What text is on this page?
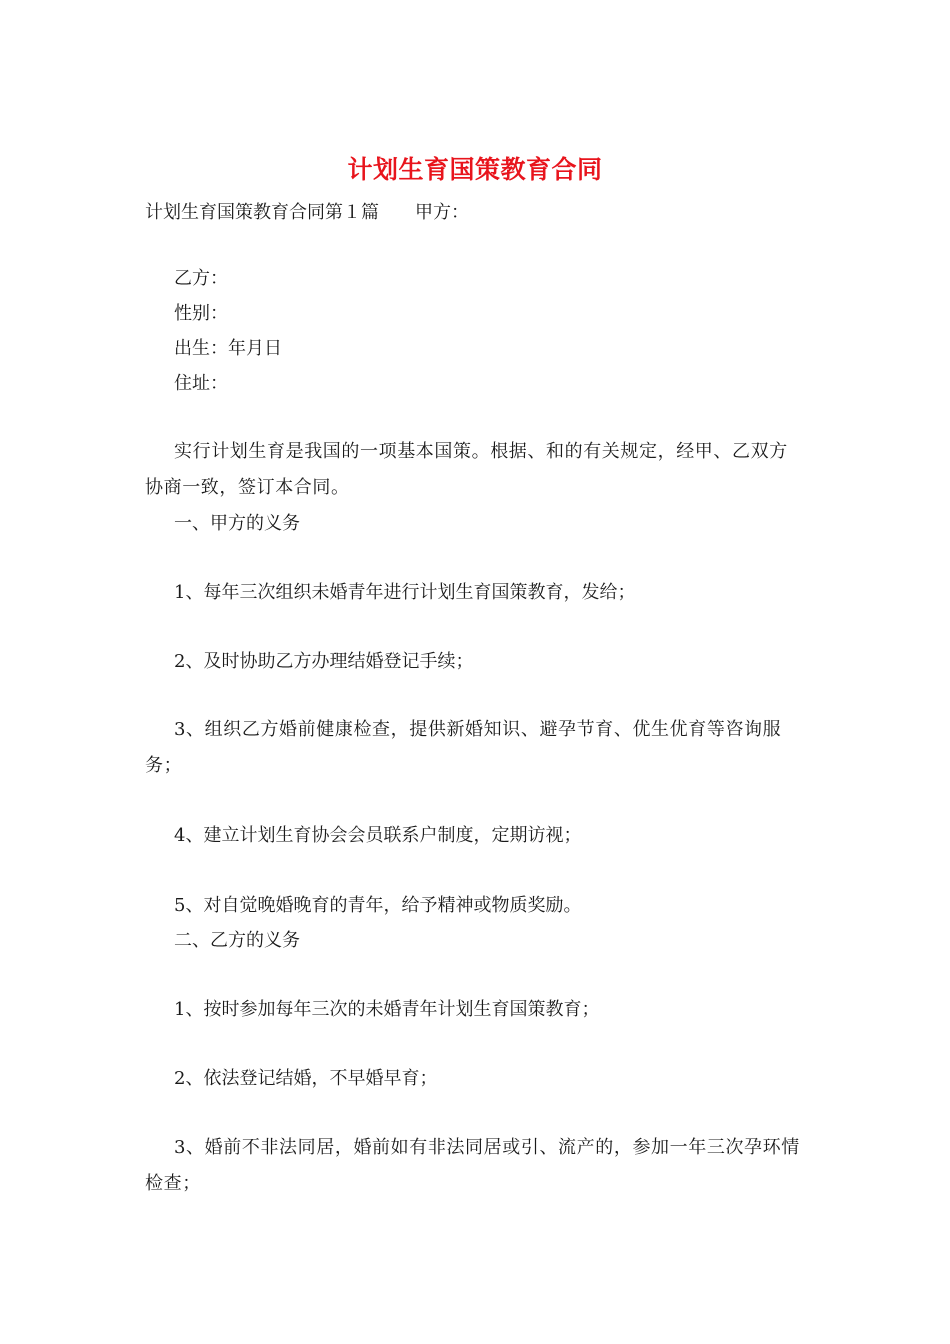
计划生育国策教育合同
计划生育国策教育合同第１篇 甲方：
乙方：
性别：
出生：年月日
住址：
实行计划生育是我国的一项基本国策。根据、和的有关规定，经甲、乙双方协商一致，签订本合同。
一、甲方的义务
1、每年三次组织未婚青年进行计划生育国策教育，发给；
2、及时协助乙方办理结婚登记手续；
3、组织乙方婚前健康检查，提供新婚知识、避孕节育、优生优育等咨询服务；
4、建立计划生育协会会员联系户制度，定期访视；
5、对自觉晚婚晚育的青年，给予精神或物质奖励。
二、乙方的义务
1、按时参加每年三次的未婚青年计划生育国策教育；
2、依法登记结婚，不早婚早育；
3、婚前不非法同居，婚前如有非法同居或引、流产的，参加一年三次孕环情检查；
